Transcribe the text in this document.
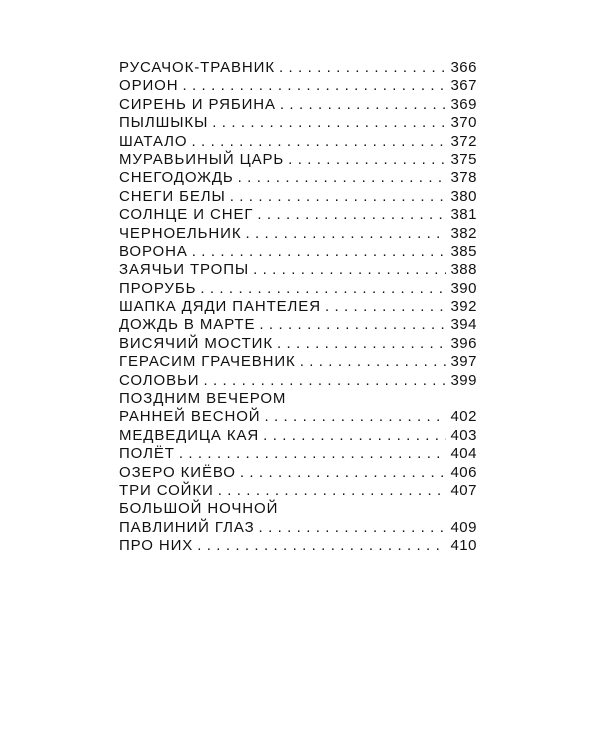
РУСАЧОК-ТРАВНИК . . .	366
ОРИОН . . .	367
СИРЕНЬ И РЯБИНА . . .	369
ПЫЛШЫКЫ . . .	370
ШАТАЛО . . .	372
МУРАВЬИНЫЙ ЦАРЬ . . .	375
СНЕГОДОЖДЬ . . .	378
СНЕГИ БЕЛЫ . . .	380
СОЛНЦЕ И СНЕГ . . .	381
ЧЕРНОЕЛЬНИК . . .	382
ВОРОНА . . .	385
ЗАЯЧЬИ ТРОПЫ . . .	388
ПРОРУБЬ . . .	390
ШАПКА ДЯДИ ПАНТЕЛЕЯ . . .	392
ДОЖДЬ В МАРТЕ . . .	394
ВИСЯЧИЙ МОСТИК . . .	396
ГЕРАСИМ ГРАЧЕВНИК . . .	397
СОЛОВЬИ . . .	399
ПОЗДНИМ ВЕЧЕРОМ
РАННЕЙ ВЕСНОЙ . . .	402
МЕДВЕДИЦА КАЯ . . .	403
ПОЛЁТ . . .	404
ОЗЕРО КИЁВО . . .	406
ТРИ СОЙКИ . . .	407
БОЛЬШОЙ НОЧНОЙ
ПАВЛИНИЙ ГЛАЗ . . .	409
ПРО НИХ . . .	410
